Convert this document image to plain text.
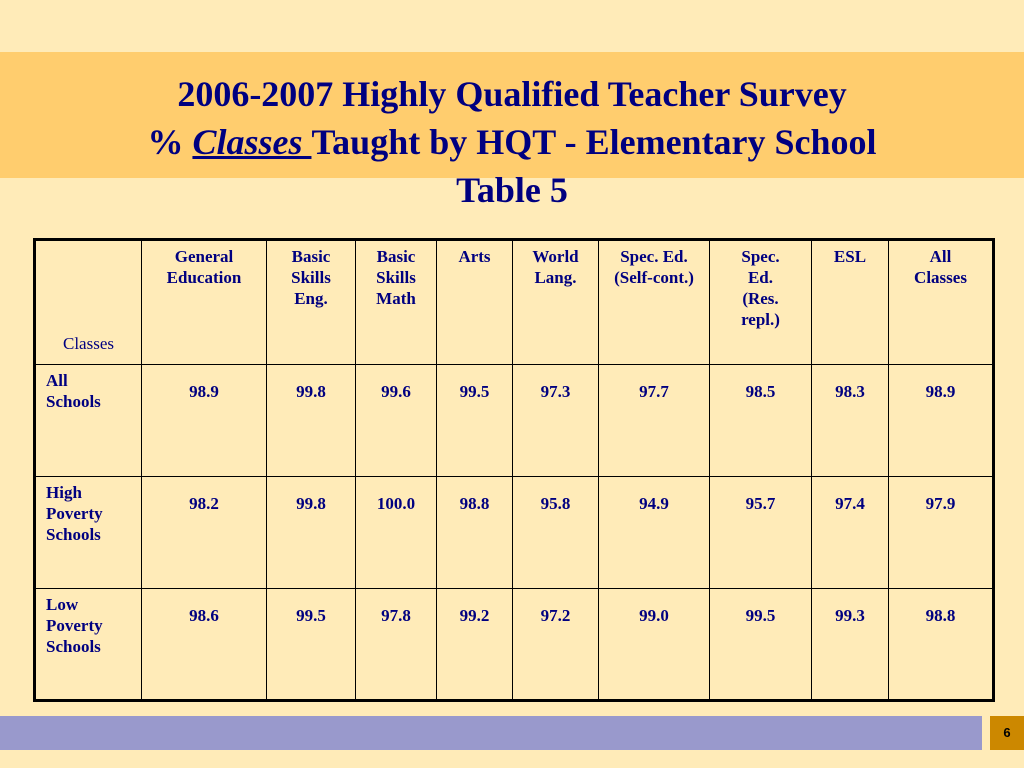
2006-2007 Highly Qualified Teacher Survey
% Classes Taught by HQT - Elementary School
Table 5
Classes	General Education	Basic Skills Eng.	Basic Skills Math	Arts	World Lang.	Spec. Ed. (Self-cont.)	Spec. Ed. (Res. repl.)	ESL	All Classes
All Schools	98.9	99.8	99.6	99.5	97.3	97.7	98.5	98.3	98.9
High Poverty Schools	98.2	99.8	100.0	98.8	95.8	94.9	95.7	97.4	97.9
Low Poverty Schools	98.6	99.5	97.8	99.2	97.2	99.0	99.5	99.3	98.8
6
